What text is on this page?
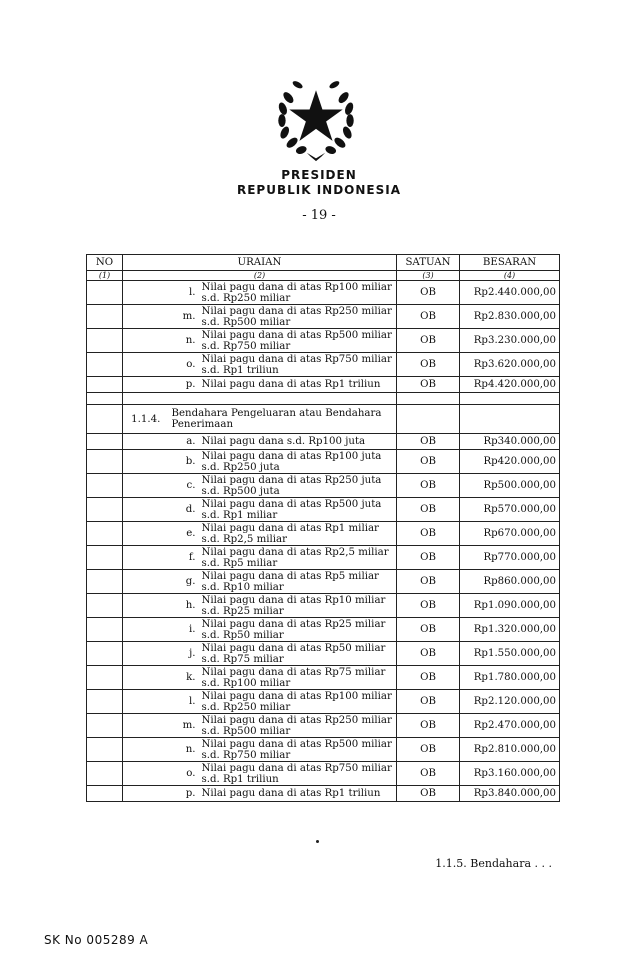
PRESIDEN
REPUBLIK INDONESIA
- 19 -
NO	URAIAN			SATUAN	BESARAN
(1)	(2)			(3)	(4)
		l.	Nilai pagu dana di atas Rp100 miliar
s.d. Rp250 miliar	OB	Rp2.440.000,00
		m.	Nilai pagu dana di atas Rp250 miliar
s.d. Rp500 miliar	OB	Rp2.830.000,00
		n.	Nilai pagu dana di atas Rp500 miliar
s.d. Rp750 miliar	OB	Rp3.230.000,00
		o.	Nilai pagu dana di atas Rp750 miliar
s.d. Rp1 triliun	OB	Rp3.620.000,00
		p.	Nilai pagu dana di atas Rp1 triliun	OB	Rp4.420.000,00

	1.1.4.	Bendahara Pengeluaran atau Bendahara
Penerimaan			

		a.	Nilai pagu dana s.d. Rp100 juta	OB	Rp340.000,00
		b.	Nilai pagu dana di atas Rp100 juta
s.d. Rp250 juta	OB	Rp420.000,00
		c.	Nilai pagu dana di atas Rp250 juta
s.d. Rp500 juta	OB	Rp500.000,00
		d.	Nilai pagu dana di atas Rp500 juta
s.d. Rp1 miliar	OB	Rp570.000,00
		e.	Nilai pagu dana di atas Rp1 miliar
s.d. Rp2,5 miliar	OB	Rp670.000,00
		f.	Nilai pagu dana di atas Rp2,5 miliar
s.d. Rp5 miliar	OB	Rp770.000,00
		g.	Nilai pagu dana di atas Rp5 miliar
s.d. Rp10 miliar	OB	Rp860.000,00
		h.	Nilai pagu dana di atas Rp10 miliar
s.d. Rp25 miliar	OB	Rp1.090.000,00
		i.	Nilai pagu dana di atas Rp25 miliar
s.d. Rp50 miliar	OB	Rp1.320.000,00
		j.	Nilai pagu dana di atas Rp50 miliar
s.d. Rp75 miliar	OB	Rp1.550.000,00
		k.	Nilai pagu dana di atas Rp75 miliar
s.d. Rp100 miliar	OB	Rp1.780.000,00
		l.	Nilai pagu dana di atas Rp100 miliar
s.d. Rp250 miliar	OB	Rp2.120.000,00
		m.	Nilai pagu dana di atas Rp250 miliar
s.d. Rp500 miliar	OB	Rp2.470.000,00
		n.	Nilai pagu dana di atas Rp500 miliar
s.d. Rp750 miliar	OB	Rp2.810.000,00
		o.	Nilai pagu dana di atas Rp750 miliar
s.d. Rp1 triliun	OB	Rp3.160.000,00
		p.	Nilai pagu dana di atas Rp1 triliun	OB	Rp3.840.000,00
1.1.5. Bendahara . . .
SK No 005289 A
